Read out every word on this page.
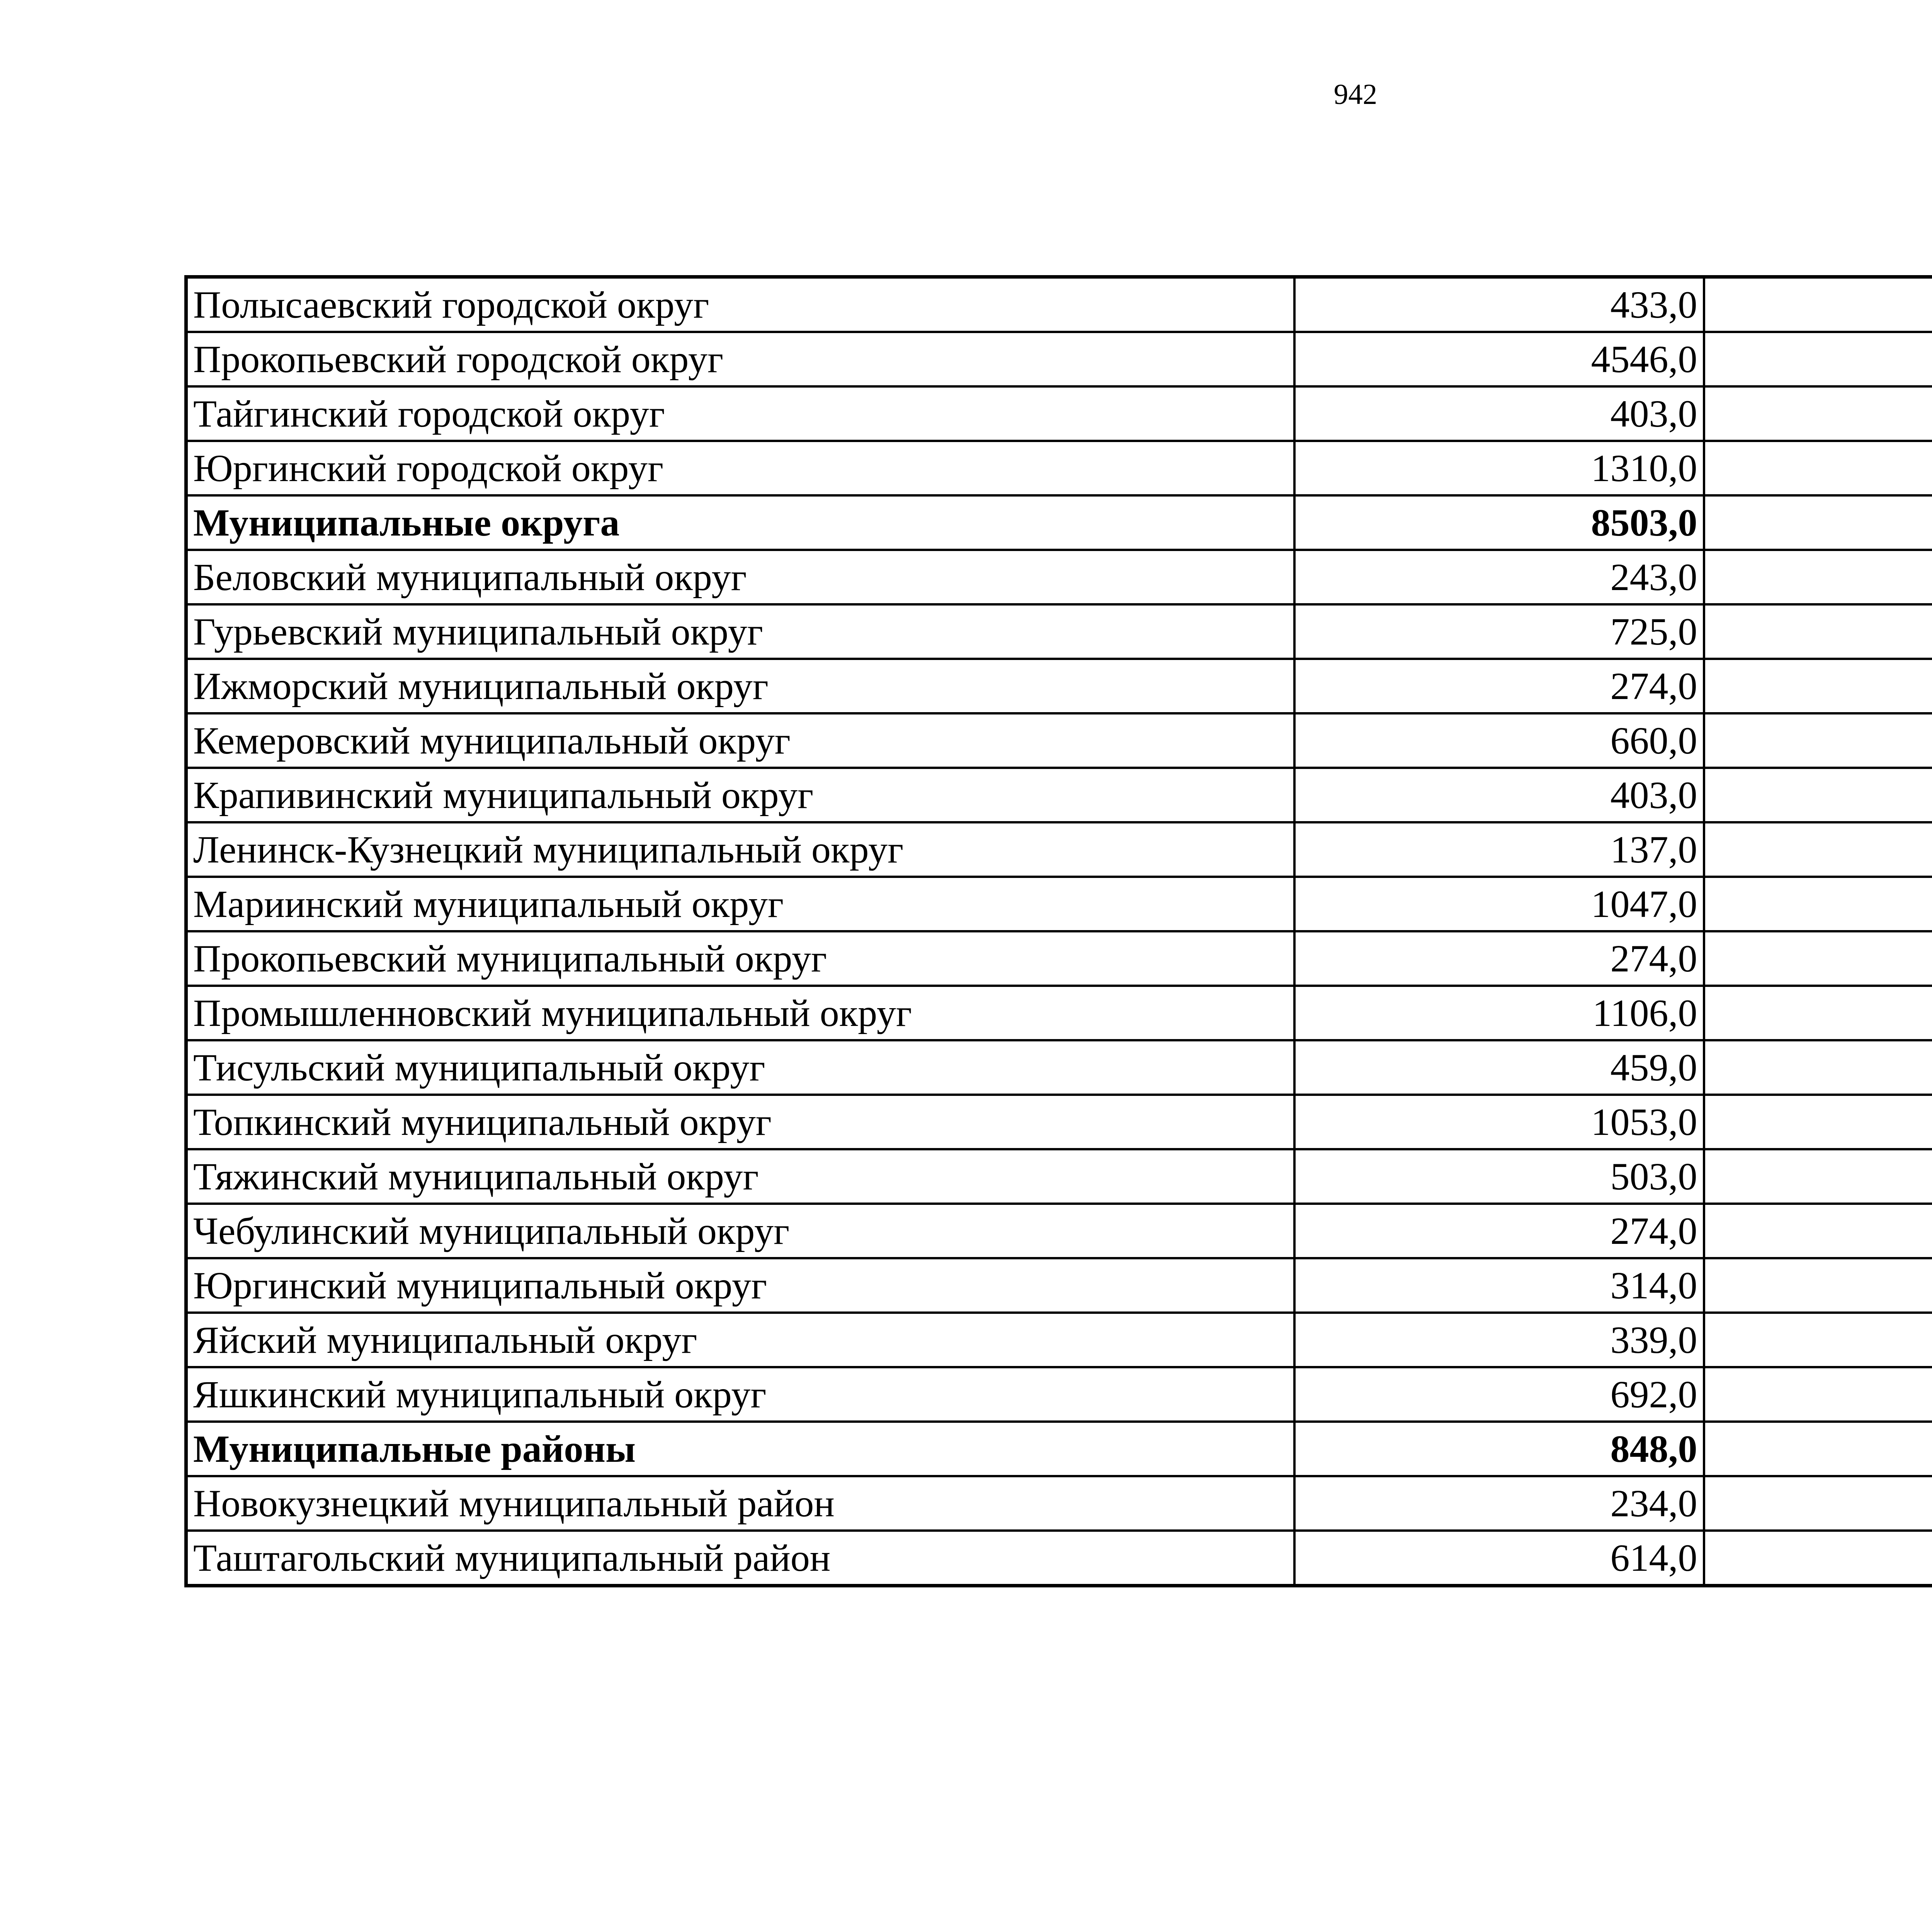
942
Полысаевский городской округ	433,0		
Прокопьевский городской округ	4546,0		
Тайгинский городской округ	403,0		
Юргинский городской округ	1310,0		
Муниципальные округа	8503,0		
Беловский муниципальный округ	243,0		
Гурьевский муниципальный округ	725,0		
Ижморский муниципальный округ	274,0		
Кемеровский муниципальный округ	660,0		
Крапивинский муниципальный округ	403,0		
Ленинск-Кузнецкий муниципальный округ	137,0		
Мариинский муниципальный округ	1047,0		
Прокопьевский муниципальный округ	274,0		
Промышленновский муниципальный округ	1106,0		
Тисульский муниципальный округ	459,0		
Топкинский муниципальный округ	1053,0		
Тяжинский муниципальный округ	503,0		
Чебулинский муниципальный округ	274,0		
Юргинский муниципальный округ	314,0		
Яйский муниципальный округ	339,0		
Яшкинский муниципальный округ	692,0		
Муниципальные районы	848,0		
Новокузнецкий муниципальный район	234,0		
Таштагольский муниципальный район	614,0		
